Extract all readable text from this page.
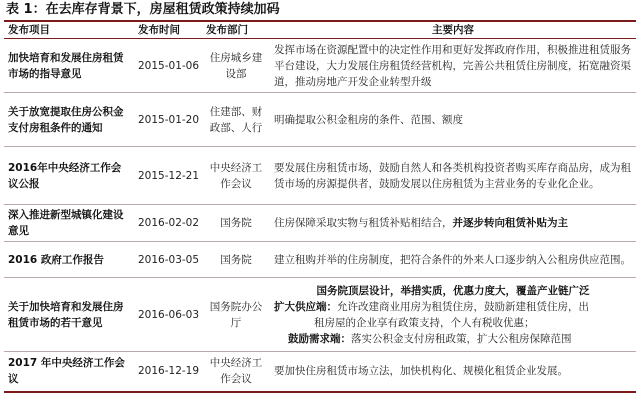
表 1：在去库存背景下，房屋租赁政策持续加码
发布项目	发布时间	发布部门	主要内容
加快培育和发展住房租赁市场的指导意见	2015-01-06	住房城乡建设部	发挥市场在资源配置中的决定性作用和更好发挥政府作用，积极推进租赁服务平台建设，大力发展住房租赁经营机构，完善公共租赁住房制度，拓宽融资渠道，推动房地产开发企业转型升级
关于放宽提取住房公积金支付房租条件的通知	2015-01-20	住建部、财政部、人行	明确提取公积金租房的条件、范围、额度
2016年中央经济工作会议公报	2015-12-21	中央经济工作会议	要发展住房租赁市场，鼓励自然人和各类机构投资者购买库存商品房，成为租赁市场的房源提供者，鼓励发展以住房租赁为主营业务的专业化企业。
深入推进新型城镇化建设意见	2016-02-02	国务院	住房保障采取实物与租赁补贴相结合，并逐步转向租赁补贴为主
2016 政府工作报告	2016-03-05	国务院	建立租购并举的住房制度，把符合条件的外来人口逐步纳入公租房供应范围。
关于加快培育和发展住房租赁市场的若干意见	2016-06-03	国务院办公厅	国务院顶层设计，举措实质，优惠力度大，覆盖产业链广泛
扩大供应端：允许改建商业用房为租赁住房，鼓励新建租赁住房，出
租房屋的企业享有政策支持，个人有税收优惠；
鼓励需求端：落实公积金支付房租政策，扩大公租房保障范围

2017 年中央经济工作会议	2016-12-19	中央经济工作会议	要加快住房租赁市场立法，加快机构化、规模化租赁企业发展。
